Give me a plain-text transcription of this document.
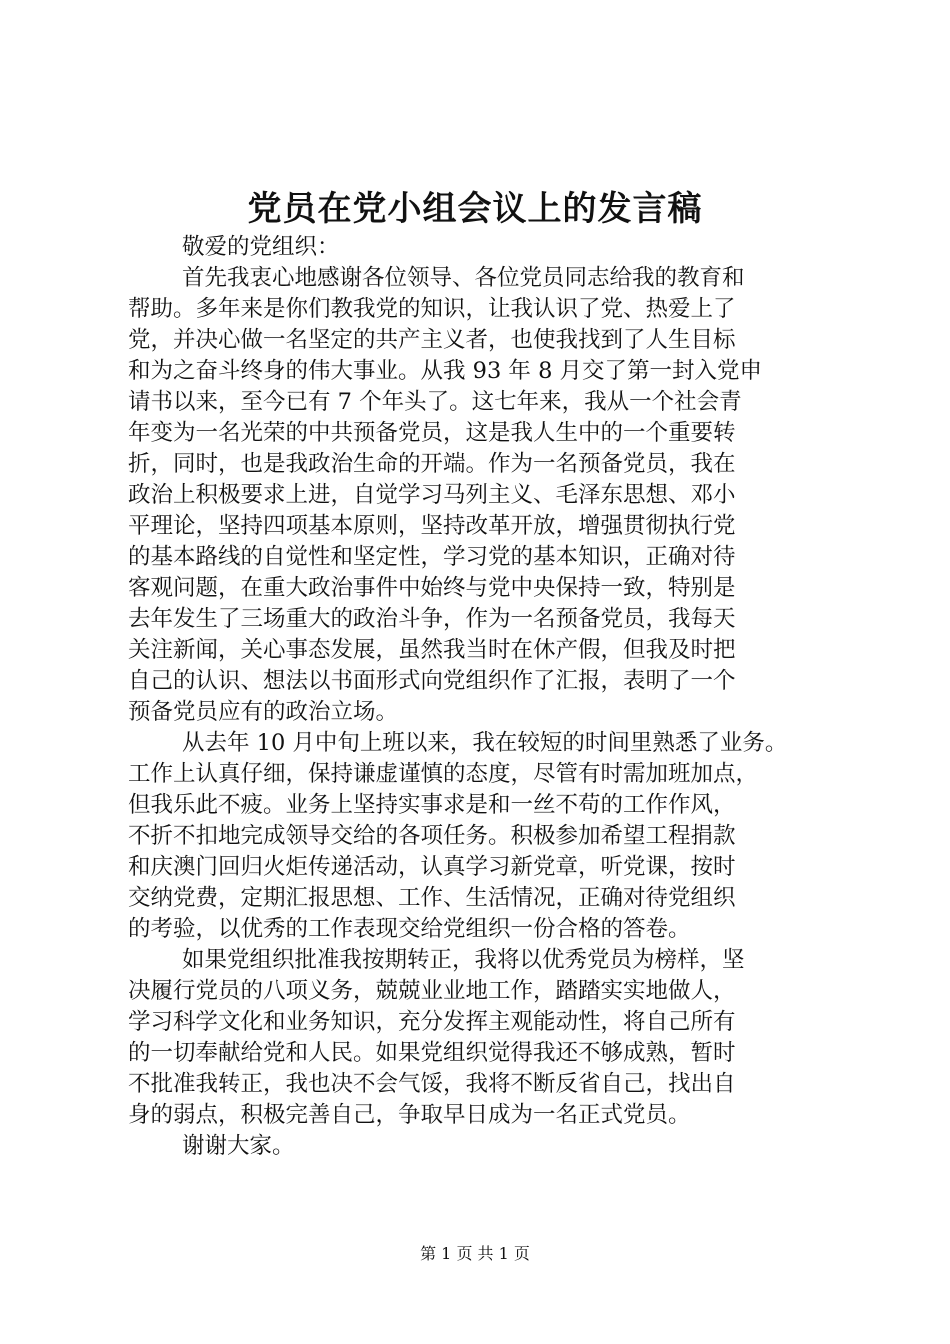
党员在党小组会议上的发言稿
敬爱的党组织：
首先我衷心地感谢各位领导、各位党员同志给我的教育和
帮助。多年来是你们教我党的知识，让我认识了党、热爱上了
党，并决心做一名坚定的共产主义者，也使我找到了人生目标
和为之奋斗终身的伟大事业。从我 93 年 8 月交了第一封入党申
请书以来，至今已有 7 个年头了。这七年来，我从一个社会青
年变为一名光荣的中共预备党员，这是我人生中的一个重要转
折，同时，也是我政治生命的开端。作为一名预备党员，我在
政治上积极要求上进，自觉学习马列主义、毛泽东思想、邓小
平理论，坚持四项基本原则，坚持改革开放，增强贯彻执行党
的基本路线的自觉性和坚定性，学习党的基本知识，正确对待
客观问题，在重大政治事件中始终与党中央保持一致，特别是
去年发生了三场重大的政治斗争，作为一名预备党员，我每天
关注新闻，关心事态发展，虽然我当时在休产假，但我及时把
自己的认识、想法以书面形式向党组织作了汇报，表明了一个
预备党员应有的政治立场。
从去年 10 月中旬上班以来，我在较短的时间里熟悉了业务。
工作上认真仔细，保持谦虚谨慎的态度，尽管有时需加班加点，
但我乐此不疲。业务上坚持实事求是和一丝不苟的工作作风，
不折不扣地完成领导交给的各项任务。积极参加希望工程捐款
和庆澳门回归火炬传递活动，认真学习新党章，听党课，按时
交纳党费，定期汇报思想、工作、生活情况，正确对待党组织
的考验，以优秀的工作表现交给党组织一份合格的答卷。
如果党组织批准我按期转正，我将以优秀党员为榜样，坚
决履行党员的八项义务，兢兢业业地工作，踏踏实实地做人，
学习科学文化和业务知识，充分发挥主观能动性，将自己所有
的一切奉献给党和人民。如果党组织觉得我还不够成熟，暂时
不批准我转正，我也决不会气馁，我将不断反省自己，找出自
身的弱点，积极完善自己，争取早日成为一名正式党员。
谢谢大家。
第 1 页 共 1 页
